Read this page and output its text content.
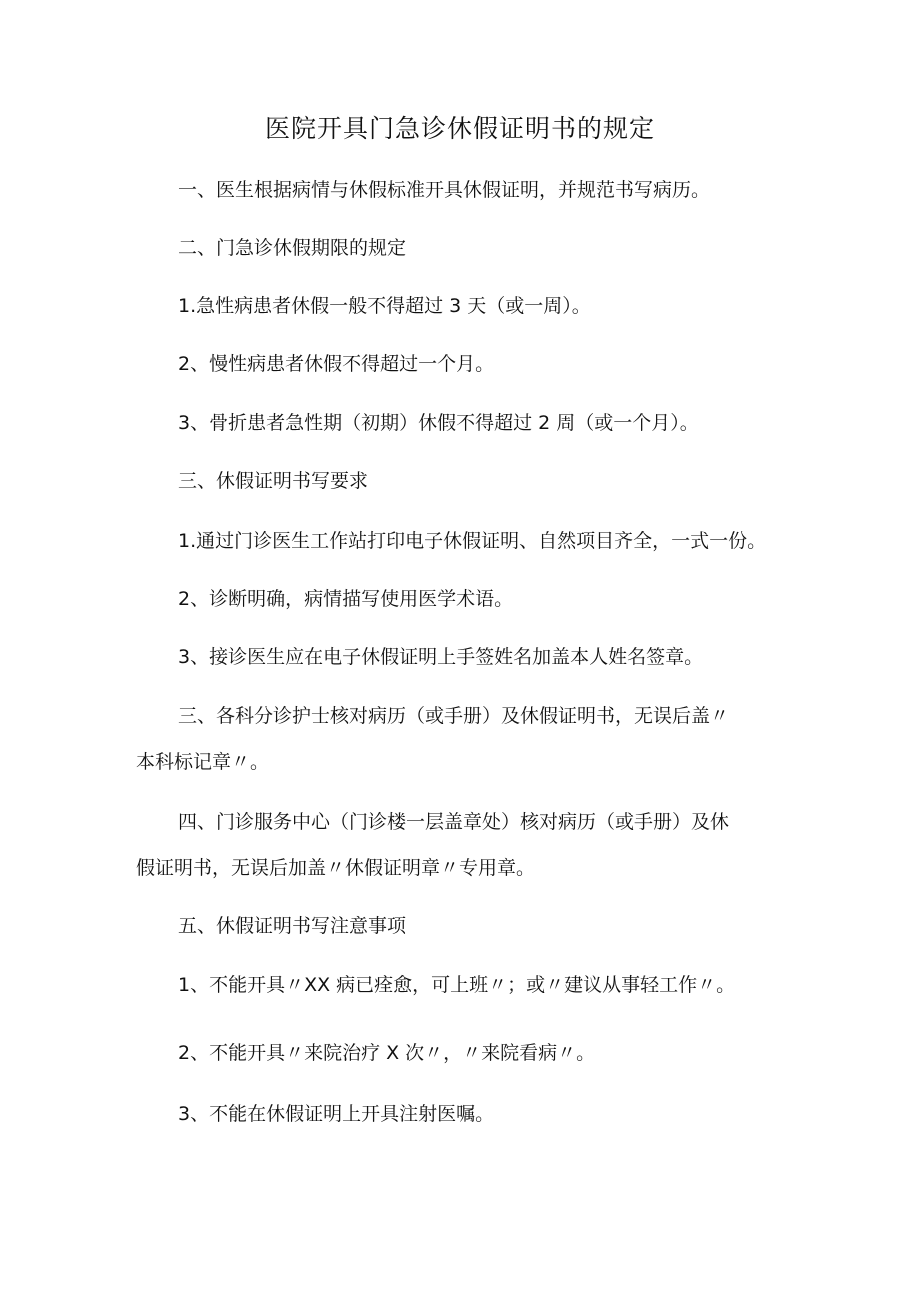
医院开具门急诊休假证明书的规定
一、医生根据病情与休假标准开具休假证明，并规范书写病历。
二、门急诊休假期限的规定
1.急性病患者休假一般不得超过 3 天（或一周）。
2、慢性病患者休假不得超过一个月。
3、骨折患者急性期（初期）休假不得超过 2 周（或一个月）。
三、休假证明书写要求
1.通过门诊医生工作站打印电子休假证明、自然项目齐全，一式一份。
2、诊断明确，病情描写使用医学术语。
3、接诊医生应在电子休假证明上手签姓名加盖本人姓名签章。
三、各科分诊护士核对病历（或手册）及休假证明书，无误后盖〃
本科标记章〃。
四、门诊服务中心（门诊楼一层盖章处）核对病历（或手册）及休
假证明书，无误后加盖〃休假证明章〃专用章。
五、休假证明书写注意事项
1、不能开具〃XX 病已痊愈，可上班〃；或〃建议从事轻工作〃。
2、不能开具〃来院治疗 X 次〃，〃来院看病〃。
3、不能在休假证明上开具注射医嘱。
